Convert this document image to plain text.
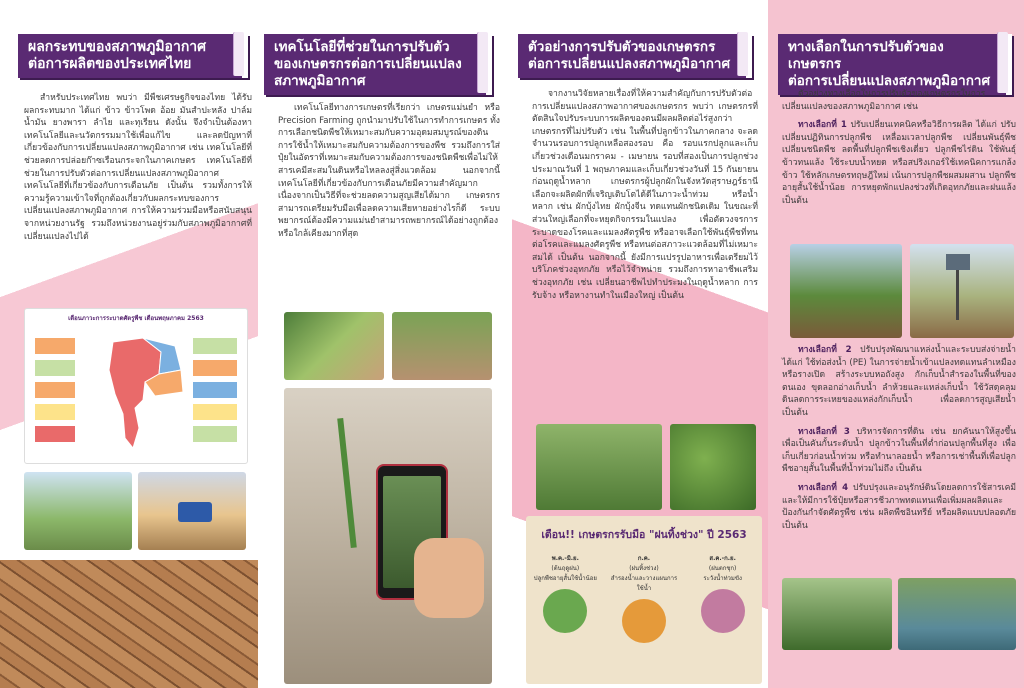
ผลกระทบของสภาพภูมิอากาศ
ต่อการผลิตของประเทศไทย
สำหรับประเทศไทย พบว่า มีพืชเศรษฐกิจของไทย ได้รับผลกระทบมาก ได้แก่ ข้าว ข้าวโพด อ้อย มันสำปะหลัง ปาล์มน้ำมัน ยางพารา ลำไย และทุเรียน ดังนั้น จึงจำเป็นต้องหาเทคโนโลยีและนวัตกรรมมาใช้เพื่อแก้ไข และลดปัญหาที่เกี่ยวข้องกับการเปลี่ยนแปลงสภาพภูมิอากาศ เช่น เทคโนโลยีที่ช่วยลดการปล่อยก๊าซเรือนกระจกในภาคเกษตร เทคโนโลยีที่ช่วยในการปรับตัวต่อการเปลี่ยนแปลงสภาพภูมิอากาศ เทคโนโลยีที่เกี่ยวข้องกับการเตือนภัย เป็นต้น รวมทั้งการให้ความรู้ความเข้าใจที่ถูกต้องเกี่ยวกับผลกระทบของการเปลี่ยนแปลงสภาพภูมิอากาศ การให้ความร่วมมือหรือสนับสนุนจากหน่วยงานรัฐ รวมถึงหน่วยงานอยู่ร่วมกับสภาพภูมิอากาศที่เปลี่ยนแปลงไปได้
เตือนภาวะการระบาดศัตรูพืช เดือนพฤษภาคม 2563
เทคโนโลยีที่ช่วยในการปรับตัว
ของเกษตรกรต่อการเปลี่ยนแปลง
สภาพภูมิอากาศ
เทคโนโลยีทางการเกษตรที่เรียกว่า เกษตรแม่นยำ หรือ Precision Farming ถูกนำมาปรับใช้ในการทำการเกษตร ทั้งการเลือกชนิดพืชให้เหมาะสมกับความอุดมสมบูรณ์ของดิน การใช้น้ำให้เหมาะสมกับความต้องการของพืช รวมถึงการใส่ปุ๋ยในอัตราที่เหมาะสมกับความต้องการของชนิดพืชเพื่อไม่ให้สารเคมีสะสมในดินหรือไหลลงสู่สิ่งแวดล้อม นอกจากนี้ เทคโนโลยีที่เกี่ยวข้องกับการเตือนภัยมีความสำคัญมาก เนื่องจากเป็นวิธีที่จะช่วยลดความสูญเสียได้มาก เกษตรกรสามารถเตรียมรับมือเพื่อลดความเสียหายอย่างไรก็ดี ระบบพยากรณ์ต้องมีความแม่นยำสามารถพยากรณ์ได้อย่างถูกต้อง หรือใกล้เคียงมากที่สุด
ตัวอย่างการปรับตัวของเกษตรกร
ต่อการเปลี่ยนแปลงสภาพภูมิอากาศ
จากงานวิจัยหลายเรื่องที่ให้ความสำคัญกับการปรับตัวต่อการเปลี่ยนแปลงสภาพอากาศของเกษตรกร พบว่า เกษตรกรที่ตัดสินใจปรับระบบการผลิตของตนมีผลผลิตต่อไร่สูงกว่าเกษตรกรที่ไม่ปรับตัว เช่น ในพื้นที่ปลูกข้าวในภาคกลาง จะลดจำนวนรอบการปลูกเหลือสองรอบ คือ รอบแรกปลูกและเก็บเกี่ยวช่วงเดือนมกราคม - เมษายน รอบที่สองเป็นการปลูกช่วงประมาณวันที่ 1 พฤษภาคมและเก็บเกี่ยวช่วงวันที่ 15 กันยายนก่อนฤดูน้ำหลาก เกษตรกรผู้ปลูกผักในจังหวัดสุราษฎร์ธานีเลือกจะผลิตผักที่เจริญเติบโตได้ดีในภาวะน้ำท่วม หรือน้ำหลาก เช่น ผักบุ้งไทย ผักบุ้งจีน ทดแทนผักชนิดเดิม ในขณะที่ส่วนใหญ่เลือกที่จะหยุดกิจกรรมในแปลง เพื่อตัดวงจรการระบาดของโรคและแมลงศัตรูพืช หรืออาจเลือกใช้พันธุ์พืชที่ทนต่อโรคและแมลงศัตรูพืช หรือทนต่อสภาวะแวดล้อมที่ไม่เหมาะสมได้ เป็นต้น นอกจากนี้ ยังมีการแปรรูปอาหารเพื่อเตรียมไว้บริโภคช่วงอุทกภัย หรือไว้จำหน่าย รวมถึงการหาอาชีพเสริมช่วงอุทกภัย เช่น เปลี่ยนอาชีพไปทำประมงในฤดูน้ำหลาก การรับจ้าง หรือหางานทำในเมืองใหญ่ เป็นต้น
เตือน!! เกษตรกรรับมือ "ฝนทิ้งช่วง" ปี 2563
พ.ค.-มิ.ย.
(ต้นฤดูฝน)
ปลูกพืชอายุสั้นใช้น้ำน้อย
ก.ค.
(ฝนทิ้งช่วง)
สำรองน้ำและวางแผนการใช้น้ำ
ส.ค.-ก.ย.
(ฝนตกชุก)
ระวังน้ำท่วมขัง
ทางเลือกในการปรับตัวของเกษตรกร
ต่อการเปลี่ยนแปลงสภาพภูมิอากาศ
ตัวอย่างทางเลือกในการปรับตัวของเกษตรกรในการเปลี่ยนแปลงของสภาพภูมิอากาศ เช่น
ทางเลือกที่ 1 ปรับเปลี่ยนเทคนิคหรือวิธีการผลิต ได้แก่ ปรับเปลี่ยนปฏิทินการปลูกพืช เหลื่อมเวลาปลูกพืช เปลี่ยนพันธุ์พืช เปลี่ยนชนิดพืช ลดพื้นที่ปลูกพืชเชิงเดี่ยว ปลูกพืชไร่ดิน ใช้พันธุ์ข้าวทนแล้ง ใช้ระบบน้ำหยด หรือสปริงเกอร์ใช้เทคนิคการแกล้งข้าว ใช้หลักเกษตรทฤษฎีใหม่ เน้นการปลูกพืชผสมผสาน ปลูกพืชอายุสั้นใช้น้ำน้อย การหยุดพักแปลงช่วงที่เกิดอุทกภัยและฝนแล้ง เป็นต้น
ทางเลือกที่ 2 ปรับปรุงพัฒนาแหล่งน้ำและระบบส่งจ่ายน้ำ ได้แก่ ใช้ท่อส่งน้ำ (PE) ในการจ่ายน้ำเข้าแปลงทดแทนลำเหมืองหรือรางเปิด สร้างระบบหอถังสูง กักเก็บน้ำสำรองในพื้นที่ของตนเอง ขุดลอกอ่างเก็บน้ำ ลำห้วยและแหล่งเก็บน้ำ ใช้วัสดุคลุมดินลดการระเหยของแหล่งกักเก็บน้ำ เพื่อลดการสูญเสียน้ำ เป็นต้น
ทางเลือกที่ 3 บริหารจัดการที่ดิน เช่น ยกคันนาให้สูงขึ้น เพื่อเป็นคันกั้นระดับน้ำ ปลูกข้าวในพื้นที่ต่ำก่อนปลูกพื้นที่สูง เพื่อเก็บเกี่ยวก่อนน้ำท่วม หรือทำนาลอยน้ำ หรือการเช่าพื้นที่เพื่อปลูกพืชอายุสั้นในพื้นที่น้ำท่วมไม่ถึง เป็นต้น
ทางเลือกที่ 4 ปรับปรุงและอนุรักษ์ดินโดยลดการใช้สารเคมี และให้มีการใช้ปุ๋ยหรือสารชีวภาพทดแทนเพื่อเพิ่มผลผลิตและป้องกันกำจัดศัตรูพืช เช่น ผลิตพืชอินทรีย์ หรือผลิตแบบปลอดภัย เป็นต้น
